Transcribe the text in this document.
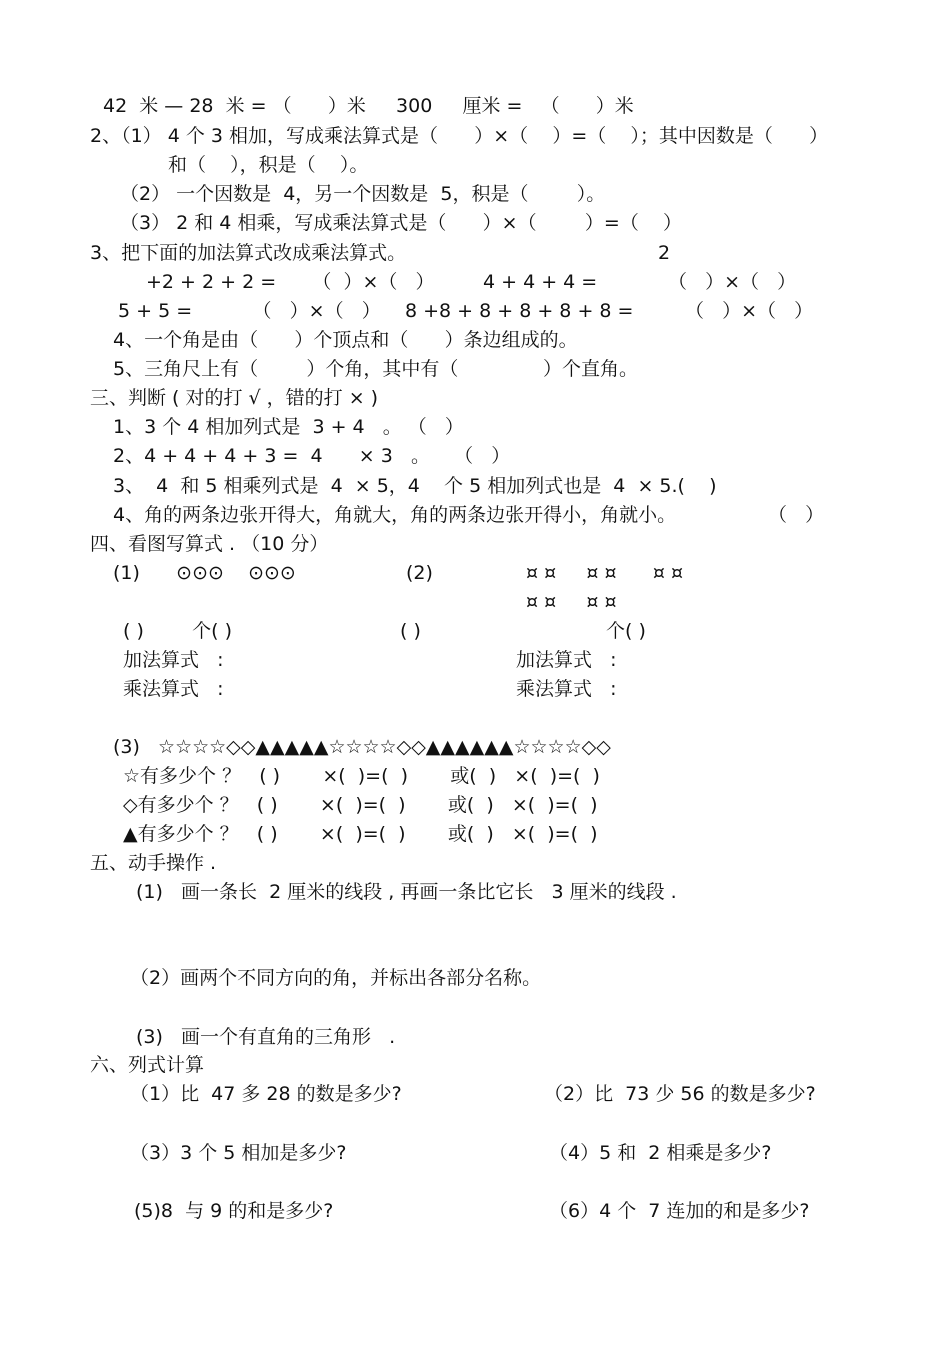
42  米 — 28  米 = （      ）米     300     厘米 =   （      ）米
2、（1） 4 个 3 相加，写成乘法算式是（      ）×（    ）=（    ）；其中因数是（      ）
和（    ），积是（    ）。
（2） 一个因数是  4，另一个因数是  5，积是（        ）。
（3） 2 和 4 相乘，写成乘法算式是（      ）×（        ）=（    ）
3、把下面的加法算式改成乘法算式。	2
+2 + 2 + 2 =      （  ）×（   ）	4 + 4 + 4 =	（   ）×（   ）
5 + 5 =          （   ）×（   ） 8 +8 + 8 + 8 + 8 + 8 =	（   ）×（   ）
4、一个角是由（      ）个顶点和（      ）条边组成的。
5、三角尺上有（        ）个角，其中有（              ）个直角。
三、判断 ( 对的打 √ ，错的打 × )
1、3 个 4 相加列式是  3 + 4   。 （   ）
2、4 + 4 + 4 + 3 =  4      × 3   。    （   ）
3、  4  和 5 相乘列式是  4  × 5，4    个 5 相加列式也是  4  × 5.(    )
4、角的两条边张开得大，角就大，角的两条边张开得小，角就小。	（   ）
四、看图写算式 . （10 分）
(1)      ⊙⊙⊙    ⊙⊙⊙	(2)	¤ ¤     ¤ ¤      ¤ ¤
¤ ¤     ¤ ¤
( )        个( )	( )	个( )
加法算式   :	加法算式   :
乘法算式   :	乘法算式   :
(3)   ☆☆☆☆◇◇▲▲▲▲▲☆☆☆☆◇◇▲▲▲▲▲▲☆☆☆☆◇◇
☆有多少个 ？   ( )       ×(  )=(  )       或(  )   ×(  )=(  )
◇有多少个 ？   ( )       ×(  )=(  )       或(  )   ×(  )=(  )
▲有多少个 ？   ( )       ×(  )=(  )       或(  )   ×(  )=(  )
五、动手操作 .
(1)   画一条长  2 厘米的线段 , 再画一条比它长   3 厘米的线段 .
（2）画两个不同方向的角，并标出各部分名称。
(3)   画一个有直角的三角形   .
六、列式计算
（1）比  47 多 28 的数是多少?	（2）比  73 少 56 的数是多少?
（3）3 个 5 相加是多少?	（4）5 和  2 相乘是多少?
(5)8  与 9 的和是多少?	（6）4 个  7 连加的和是多少?
